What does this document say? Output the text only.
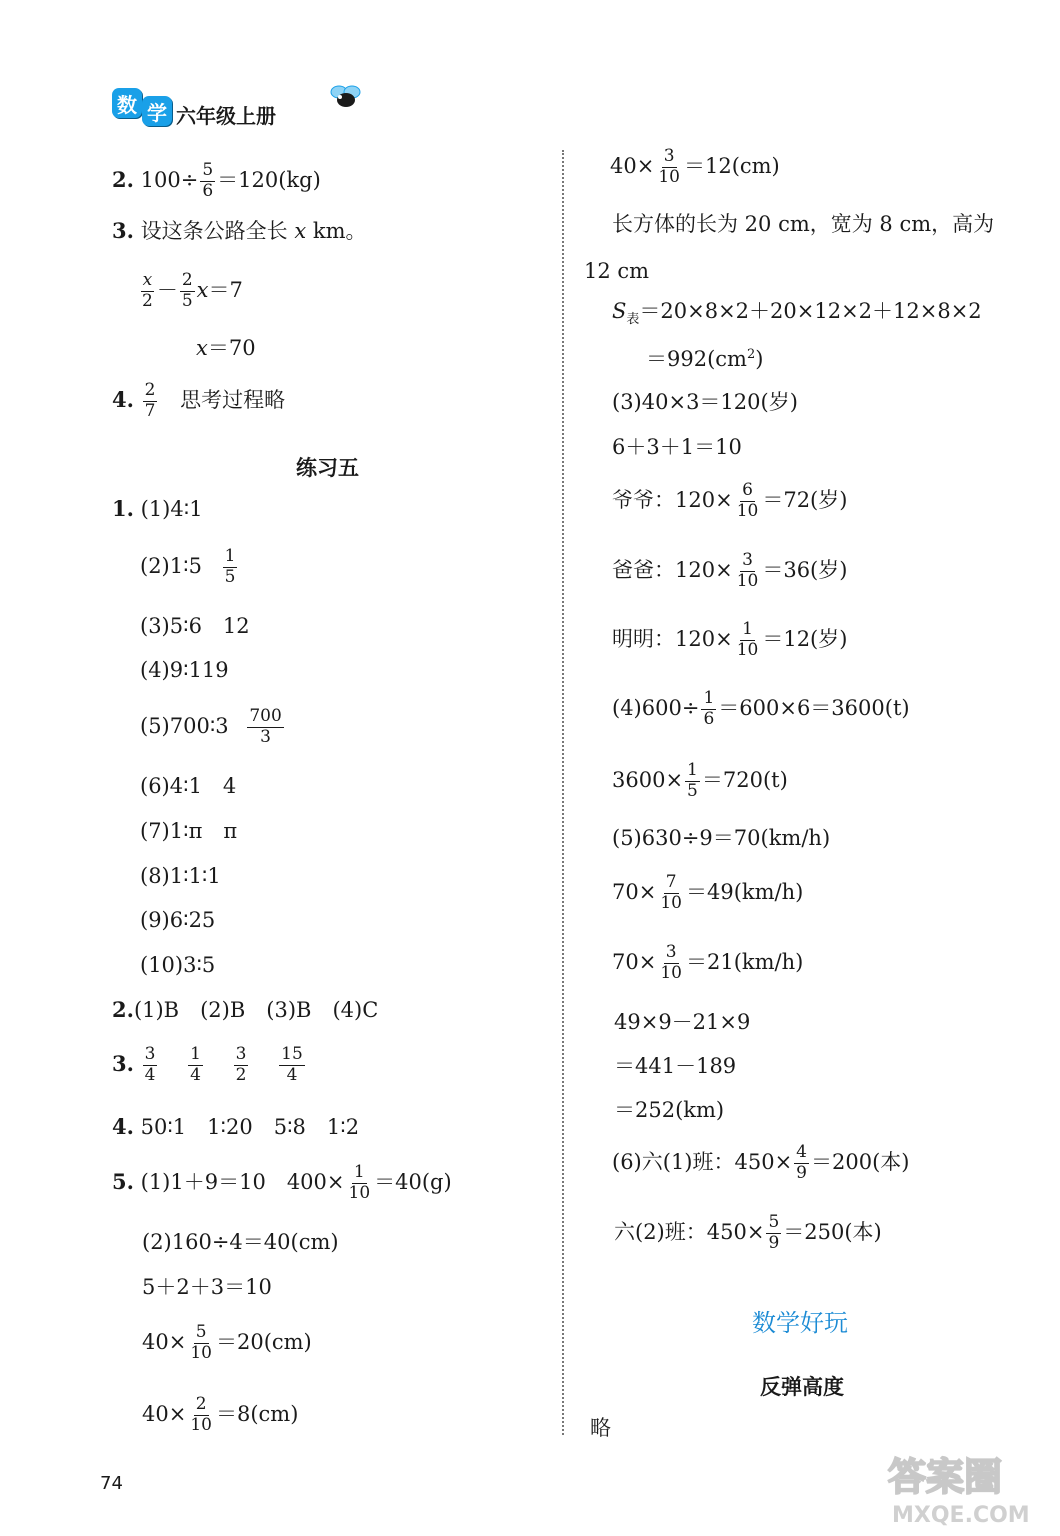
数 学 六年级上册
2. $100\div \frac{5}{6} =120(kg)$
3. 设这条公路全长 x km。
$\frac{x}{2} - \frac{2}{5} x=7$
x＝70
4. $\frac{2}{7}$ 思考过程略
练习五
1. (1)4∶1
(2)1∶5 $\frac{1}{5}$
(3)5∶6　12
(4)9∶119
(5)700∶3 $\frac{700}{3}$
(6)4∶1　4
(7)1∶π　π
(8)1∶1∶1
(9)6∶25
(10)3∶5
2.(1)B　(2)B　(3)B　(4)C
3. $\frac{3}{4}$
$\frac{1}{4}$
$\frac{3}{2}$
$\frac{15}{4}$
4. 50∶1　1∶20　5∶8　1∶2
5. (1)1＋9＝10　$400\times \frac{1}{10} =40(g)$
(2)160÷4＝40(cm)
5＋2＋3＝10
$40\times \frac{5}{10} =20(cm)$
$40\times \frac{2}{10} =8(cm)$
$40\times \frac{3}{10} =12(cm)$
长方体的长为 20 cm，宽为 8 cm，高为
12 cm
$S_表=20\times 8\times 2+20\times 12\times 2+12\times 8\times 2$
$=992(cm^2)$
(3)40×3＝120(岁)
6＋3＋1＝10
爷爷：$120\times \frac{6}{10} =72$(岁)
爸爸：$120\times \frac{3}{10} =36$(岁)
明明：$120\times \frac{1}{10} =12$(岁)
$(4)600\div \frac{1}{6} =600\times 6=3600(t)$
$3600\times \frac{1}{5} =720(t)$
(5)630÷9＝70(km/h)
$70\times \frac{7}{10} =49(km/h)$
$70\times \frac{3}{10} =21(km/h)$
49×9－21×9
＝441－189
＝252(km)
(6)六(1)班：$450\times \frac{4}{9} =200$(本)
六(2)班：$450\times \frac{5}{9} =250$(本)
数学好玩
反弹高度
略
74	答案圈
MXQE.COM
